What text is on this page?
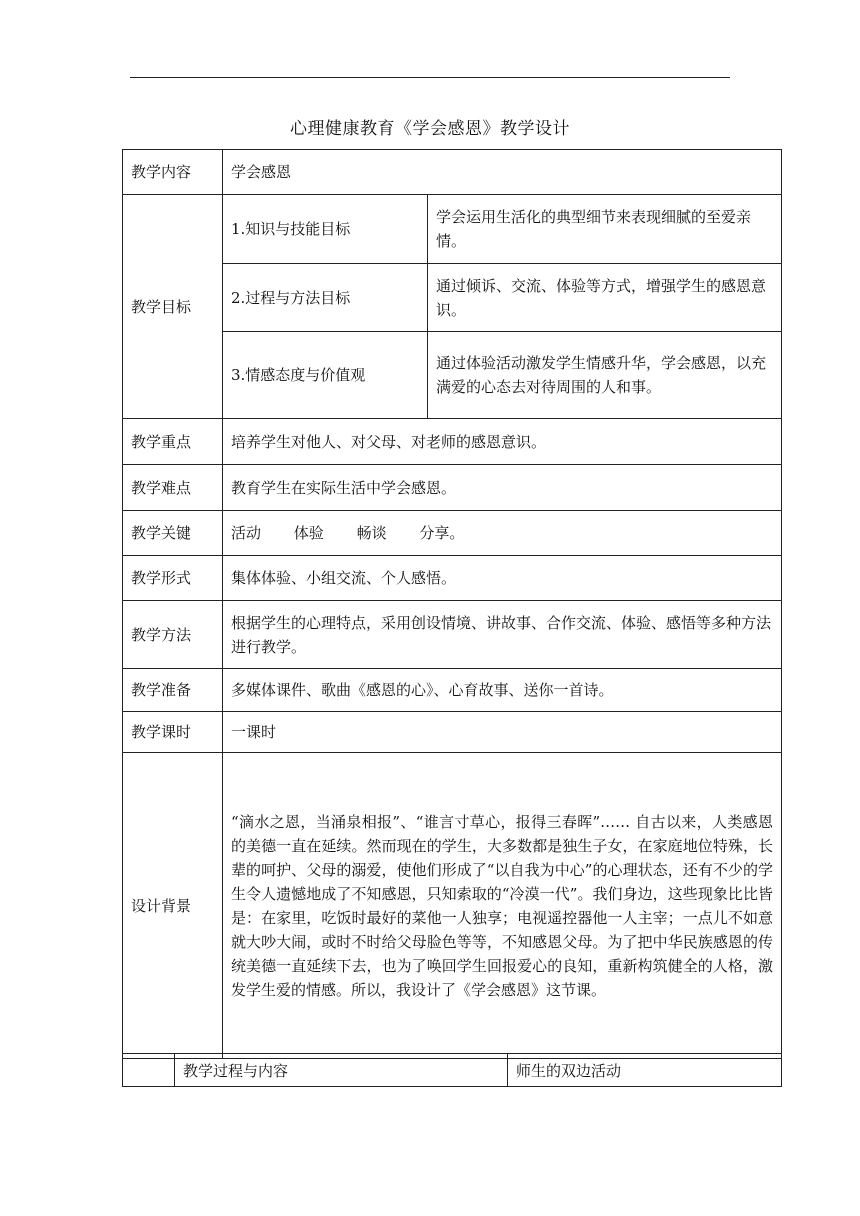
心理健康教育《学会感恩》教学设计
教学内容	学会感恩	
教学目标	1.知识与技能目标	学会运用生活化的典型细节来表现细腻的至爱亲情。
	2.过程与方法目标	通过倾诉、交流、体验等方式，增强学生的感恩意识。
	3.情感态度与价值观	通过体验活动激发学生情感升华，学会感恩，以充满爱的心态去对待周围的人和事。
教学重点	培养学生对他人、对父母、对老师的感恩意识。	
教学难点	教育学生在实际生活中学会感恩。	
教学关键	活动 体验 畅谈 分享。	
教学形式	集体体验、小组交流、个人感悟。	
教学方法	根据学生的心理特点，采用创设情境、讲故事、合作交流、体验、感悟等多种方法进行教学。	
教学准备	多媒体课件、歌曲《感恩的心》、心育故事、送你一首诗。	
教学课时	一课时	
设计背景	“滴水之恩，当涌泉相报”、“谁言寸草心，报得三春晖”…… 自古以来，人类感恩的美德一直在延续。然而现在的学生，大多数都是独生子女，在家庭地位特殊，长辈的呵护、父母的溺爱，使他们形成了“以自我为中心”的心理状态，还有不少的学生令人遗憾地成了不知感恩，只知索取的“冷漠一代”。我们身边，这些现象比比皆是：在家里，吃饭时最好的菜他一人独享；电视遥控器他一人主宰；一点儿不如意就大吵大闹，或时不时给父母脸色等等，不知感恩父母。为了把中华民族感恩的传统美德一直延续下去，也为了唤回学生回报爱心的良知，重新构筑健全的人格，激发学生爱的情感。所以，我设计了《学会感恩》这节课。	
	教学过程与内容	师生的双边活动
